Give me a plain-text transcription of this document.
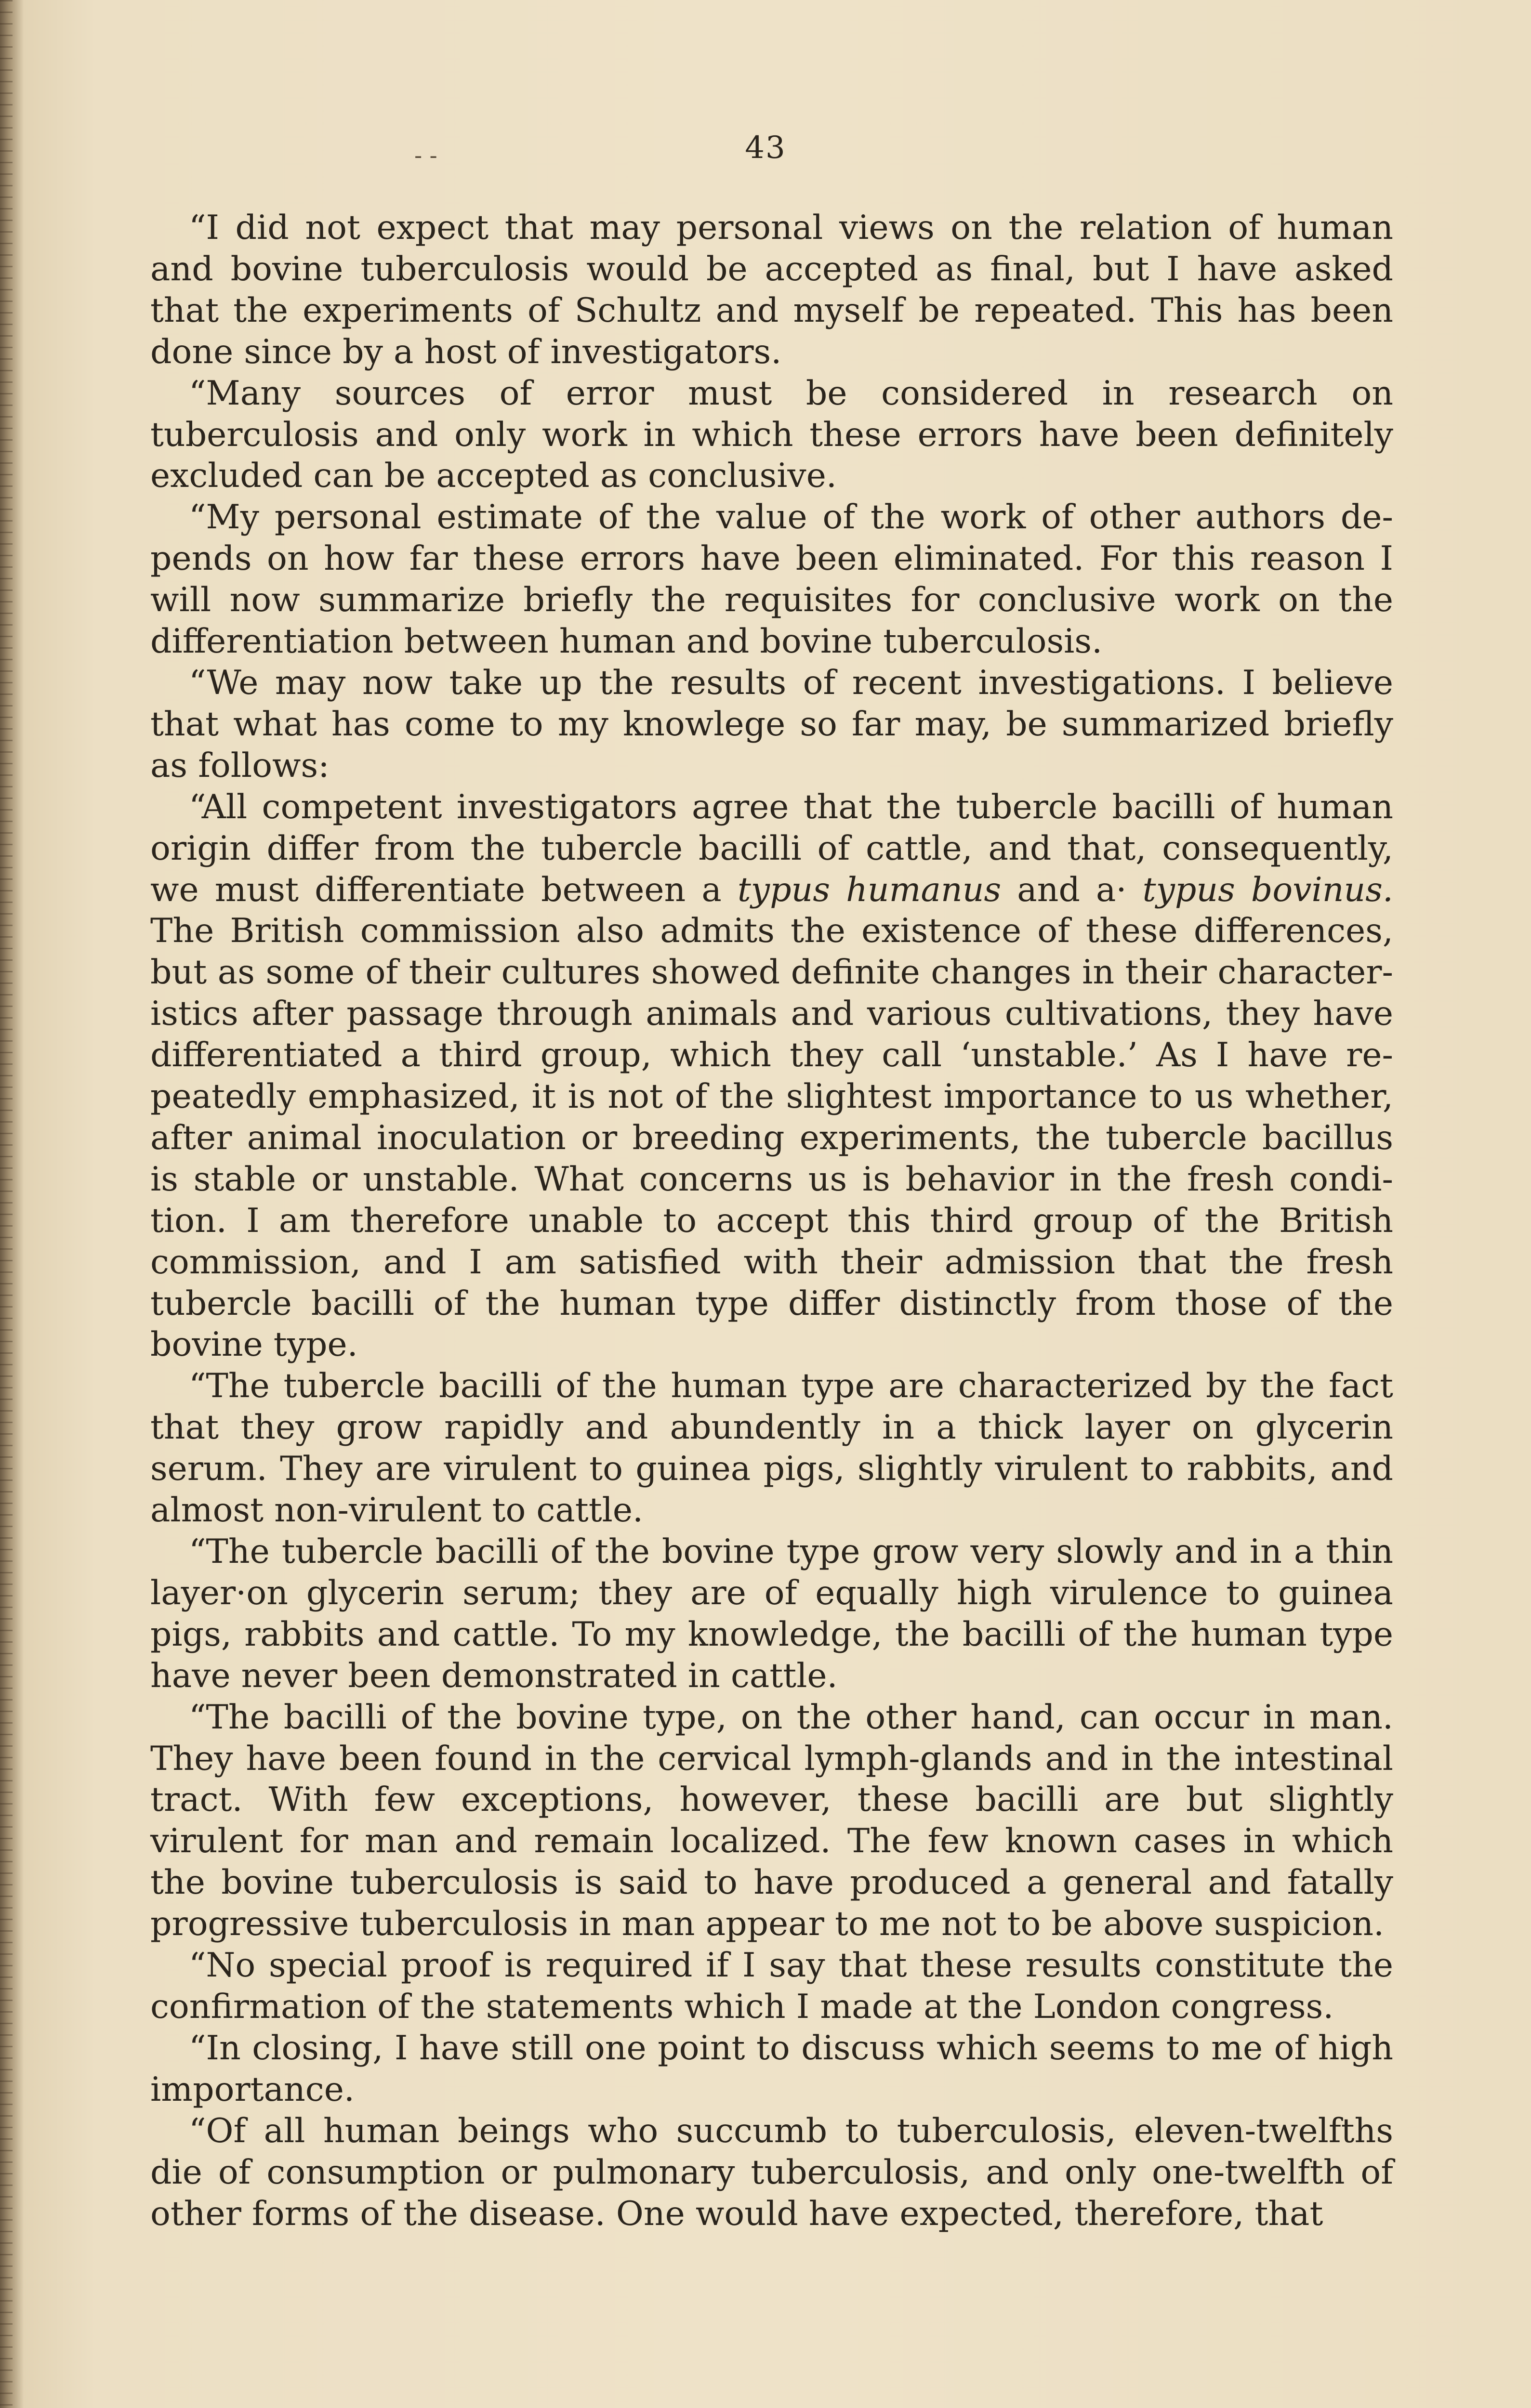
- -	43

“I did not expect that may personal views on the relation of human and bovine tuberculosis would be accepted as final, but I have asked that the experiments of Schultz and myself be repeated. This has been done since by a host of investigators.

“Many sources of error must be considered in research on tuberculosis and only work in which these errors have been definitely excluded can be accepted as conclusive.

“My personal estimate of the value of the work of other authors depends on how far these errors have been eliminated. For this reason I will now summarize briefly the requisites for conclusive work on the differentiation between human and bovine tuberculosis.

“We may now take up the results of recent investigations. I believe that what has come to my knowlege so far may, be summarized briefly as follows:

“All competent investigators agree that the tubercle bacilli of human origin differ from the tubercle bacilli of cattle, and that, consequently, we must differentiate between a typus humanus and a· typus bovinus. The British commission also admits the existence of these differences, but as some of their cultures showed definite changes in their characteristics after passage through animals and various cultivations, they have differentiated a third group, which they call ‘unstable.’ As I have repeatedly emphasized, it is not of the slightest importance to us whether, after animal inoculation or breeding experiments, the tubercle bacillus is stable or unstable. What concerns us is behavior in the fresh condition. I am therefore unable to accept this third group of the British commission, and I am satisfied with their admission that the fresh tubercle bacilli of the human type differ distinctly from those of the bovine type.

“The tubercle bacilli of the human type are characterized by the fact that they grow rapidly and abundently in a thick layer on glycerin serum. They are virulent to guinea pigs, slightly virulent to rabbits, and almost non-virulent to cattle.

“The tubercle bacilli of the bovine type grow very slowly and in a thin layer·on glycerin serum; they are of equally high virulence to guinea pigs, rabbits and cattle. To my knowledge, the bacilli of the human type have never been demonstrated in cattle.

“The bacilli of the bovine type, on the other hand, can occur in man. They have been found in the cervical lymph-glands and in the intestinal tract. With few exceptions, however, these bacilli are but slightly virulent for man and remain localized. The few known cases in which the bovine tuberculosis is said to have produced a general and fatally progressive tuberculosis in man appear to me not to be above suspicion.

“No special proof is required if I say that these results constitute the confirmation of the statements which I made at the London congress.

“In closing, I have still one point to discuss which seems to me of high importance.

“Of all human beings who succumb to tuberculosis, eleven-twelfths die of consumption or pulmonary tuberculosis, and only one-twelfth of other forms of the disease. One would have expected, therefore, that
